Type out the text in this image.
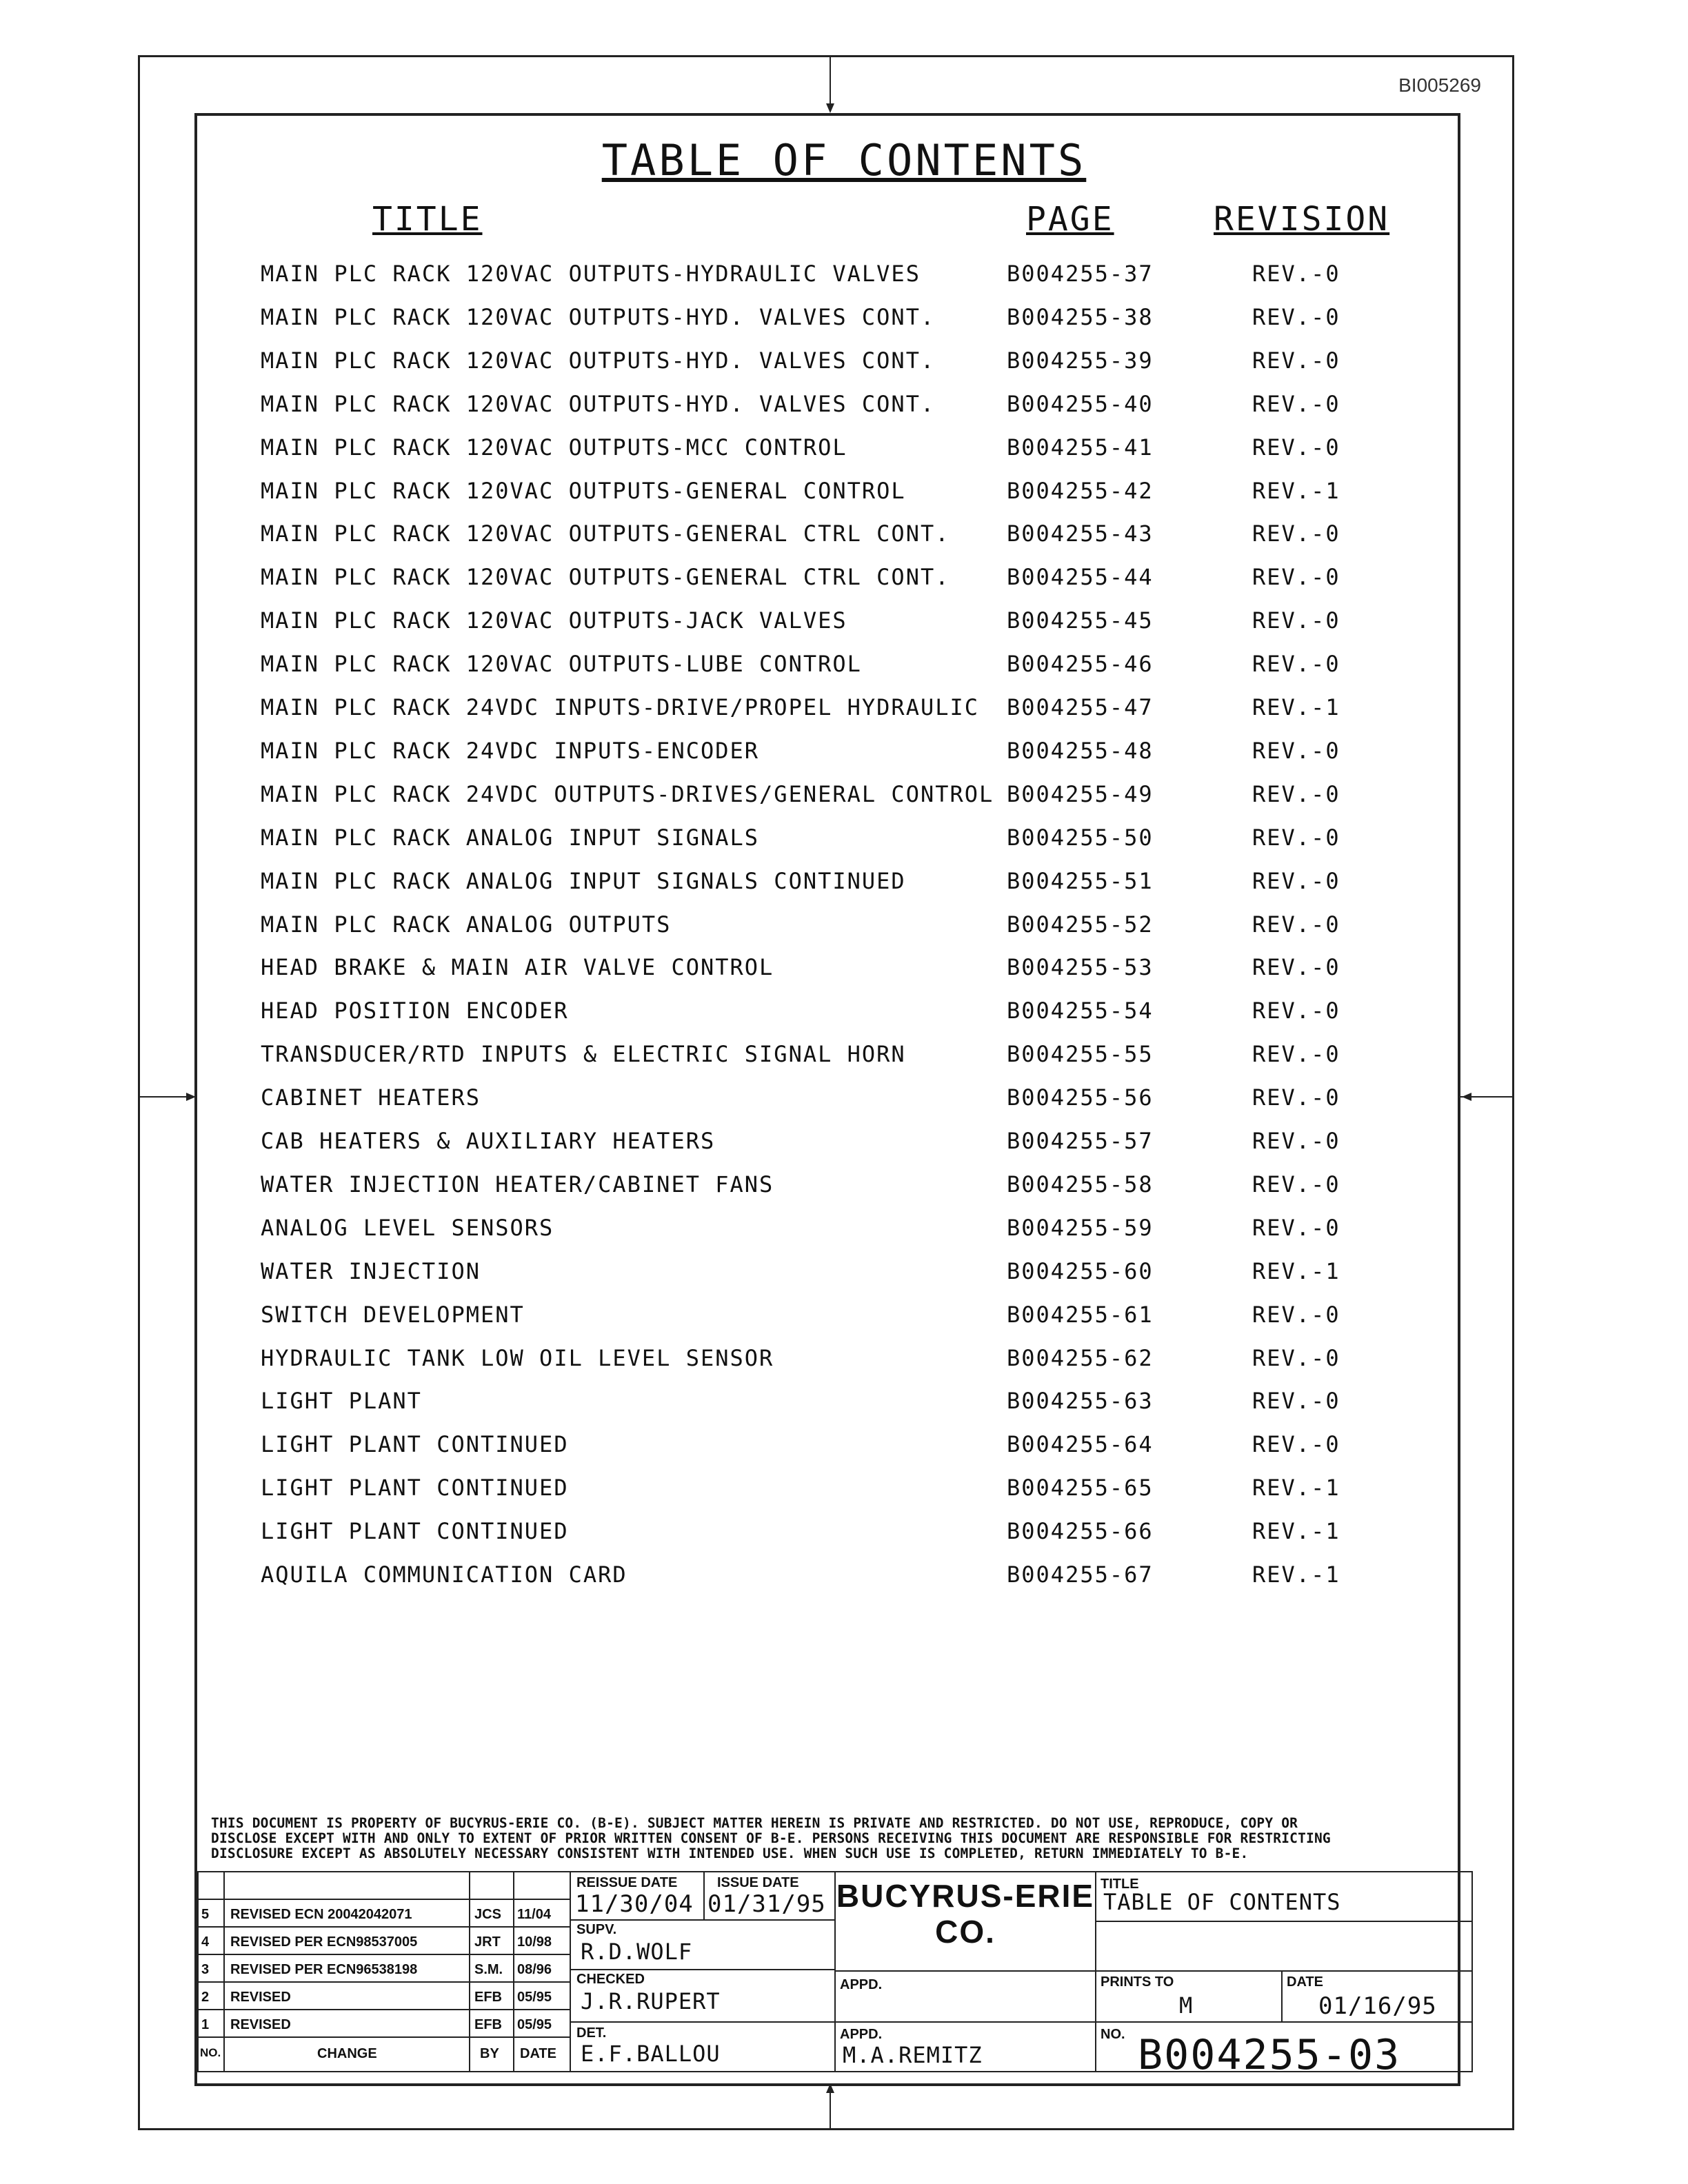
BI005269
TABLE OF CONTENTS
TITLE	PAGE	REVISION
MAIN PLC RACK 120VAC OUTPUTS-HYDRAULIC VALVES	B004255-37	REV.-0
MAIN PLC RACK 120VAC OUTPUTS-HYD. VALVES CONT.	B004255-38	REV.-0
MAIN PLC RACK 120VAC OUTPUTS-HYD. VALVES CONT.	B004255-39	REV.-0
MAIN PLC RACK 120VAC OUTPUTS-HYD. VALVES CONT.	B004255-40	REV.-0
MAIN PLC RACK 120VAC OUTPUTS-MCC CONTROL	B004255-41	REV.-0
MAIN PLC RACK 120VAC OUTPUTS-GENERAL CONTROL	B004255-42	REV.-1
MAIN PLC RACK 120VAC OUTPUTS-GENERAL CTRL CONT.	B004255-43	REV.-0
MAIN PLC RACK 120VAC OUTPUTS-GENERAL CTRL CONT.	B004255-44	REV.-0
MAIN PLC RACK 120VAC OUTPUTS-JACK VALVES	B004255-45	REV.-0
MAIN PLC RACK 120VAC OUTPUTS-LUBE CONTROL	B004255-46	REV.-0
MAIN PLC RACK 24VDC INPUTS-DRIVE/PROPEL HYDRAULIC B004255-47	REV.-1
MAIN PLC RACK 24VDC INPUTS-ENCODER	B004255-48	REV.-0
MAIN PLC RACK 24VDC OUTPUTS-DRIVES/GENERAL CONTROL B004255-49	REV.-0
MAIN PLC RACK ANALOG INPUT SIGNALS	B004255-50	REV.-0
MAIN PLC RACK ANALOG INPUT SIGNALS CONTINUED	B004255-51	REV.-0
MAIN PLC RACK ANALOG OUTPUTS	B004255-52	REV.-0
HEAD BRAKE & MAIN AIR VALVE CONTROL	B004255-53	REV.-0
HEAD POSITION ENCODER	B004255-54	REV.-0
TRANSDUCER/RTD INPUTS & ELECTRIC SIGNAL HORN	B004255-55	REV.-0
CABINET HEATERS	B004255-56	REV.-0
CAB HEATERS & AUXILIARY HEATERS	B004255-57	REV.-0
WATER INJECTION HEATER/CABINET FANS	B004255-58	REV.-0
ANALOG LEVEL SENSORS	B004255-59	REV.-0
WATER INJECTION	B004255-60	REV.-1
SWITCH DEVELOPMENT	B004255-61	REV.-0
HYDRAULIC TANK LOW OIL LEVEL SENSOR	B004255-62	REV.-0
LIGHT PLANT	B004255-63	REV.-0
LIGHT PLANT CONTINUED	B004255-64	REV.-0
LIGHT PLANT CONTINUED	B004255-65	REV.-1
LIGHT PLANT CONTINUED	B004255-66	REV.-1
AQUILA COMMUNICATION CARD	B004255-67	REV.-1
THIS DOCUMENT IS PROPERTY OF BUCYRUS-ERIE CO. (B-E). SUBJECT MATTER HEREIN IS PRIVATE AND RESTRICTED. DO NOT USE, REPRODUCE, COPY OR
DISCLOSE EXCEPT WITH AND ONLY TO EXTENT OF PRIOR WRITTEN CONSENT OF B-E. PERSONS RECEIVING THIS DOCUMENT ARE RESPONSIBLE FOR RESTRICTING
DISCLOSURE EXCEPT AS ABSOLUTELY NECESSARY CONSISTENT WITH INTENDED USE. WHEN SUCH USE IS COMPLETED, RETURN IMMEDIATELY TO B-E.
5 REVISED ECN 20042042071	JCS 11/04
4 REVISED PER ECN98537005	JRT 10/98
3 REVISED PER ECN96538198	S.M. 08/96
2 REVISED	EFB 05/95
1 REVISED	EFB 05/95
NO.	CHANGE	BY DATE
REISSUE DATE
11/30/04
ISSUE DATE
01/31/95
SUPV.
R.D.WOLF
CHECKED
J.R.RUPERT
DET.
E.F.BALLOU
BUCYRUS-ERIE
CO.
APPD.
APPD.
M.A.REMITZ
TITLE
TABLE OF CONTENTS
PRINTS TO
M
DATE
01/16/95
NO. B004255-03
